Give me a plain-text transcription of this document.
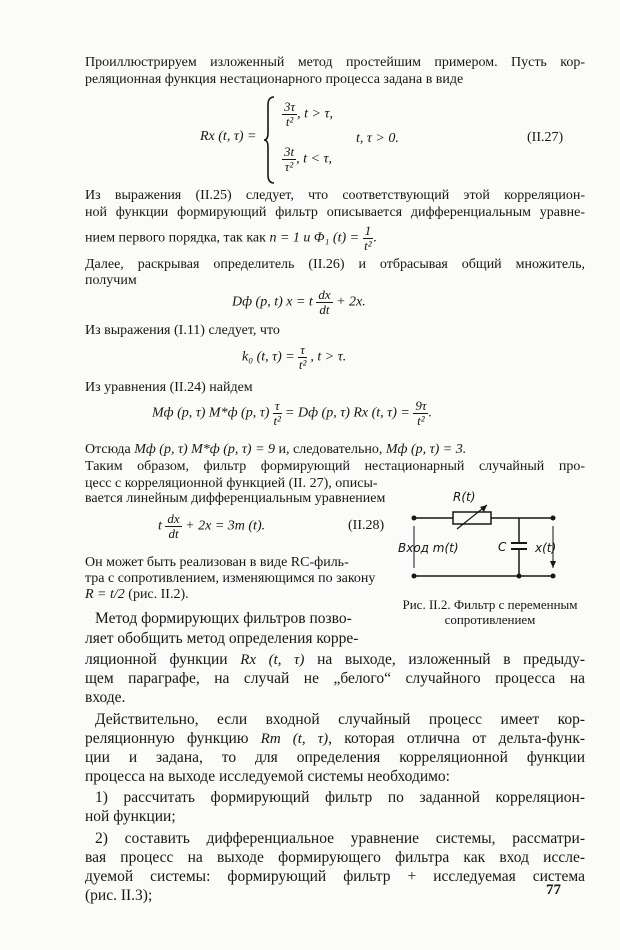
Проиллюстрируем изложенный метод простейшим примером. Пусть кор-
реляционная функция нестационарного процесса задана в виде
Rx (t, τ) =
$\frac{3\tau}{\text{t²}}$ , t > τ,
$\frac{3t}{\text{τ²}}$ , t < τ,
t, τ > 0.	(II.27)
Из выражения (II.25) следует, что соответствующий этой корреляцион-
ной функции формирующий фильтр описывается дифференциальным уравне-
нием первого порядка, так как n = 1 и Φ₁ $(t) = \frac{1}{\text{t²}}$ .
Далее, раскрывая определитель (II.26) и отбрасывая общий множитель,
получим
Dф (p, t) x = t $\frac{dx}{dt} + 2x$.
Из выражения (I.11) следует, что
k₀ (t, $\tau) = \frac{\tau}{\text{t²}}$ , t > τ.
Из уравнения (II.24) найдем
Mф (p, τ) M*ф (p, $\tau) \frac{\tau}{\text{t²}}$ = Dф (p, τ) Rx (t, $\tau) = \frac{9\tau}{\text{t²}}$ .
Отсюда Mф (p, τ) M*ф (p, τ) = 9 и, следовательно, Mф (p, τ) = 3.
Таким образом, фильтр формирующий нестационарный случайный про-
цесс с корреляционной функцией (II. 27), описы-
вается линейным дифференциальным уравнением
t $\frac{dx}{dt} + 2x = 3m$ (t).	(II.28)
Он может быть реализован в виде RC-филь-
тра с сопротивлением, изменяющимся по закону
R = t/2 (рис. II.2).
R(t)
C
Вход m(t)	x(t)
Рис. II.2. Фильтр с переменным сопротивлением
Метод формирующих фильтров позво-
ляет обобщить метод определения корре-
ляционной функции Rx (t, τ) на выходе, изложенный в предыду-
щем параграфе, на случай не „белого“ случайного процесса на
входе.
Действительно, если входной случайный процесс имеет кор-
реляционную функцию Rm (t, τ), которая отлична от дельта-функ-
ции и задана, то для определения корреляционной функции
процесса на выходе исследуемой системы необходимо:
1) рассчитать формирующий фильтр по заданной корреляцион-
ной функции;
2) составить дифференциальное уравнение системы, рассматри-
вая процесс на выходе формирующего фильтра как вход иссле-
дуемой системы: формирующий фильтр + исследуемая система
(рис. II.3);	77
